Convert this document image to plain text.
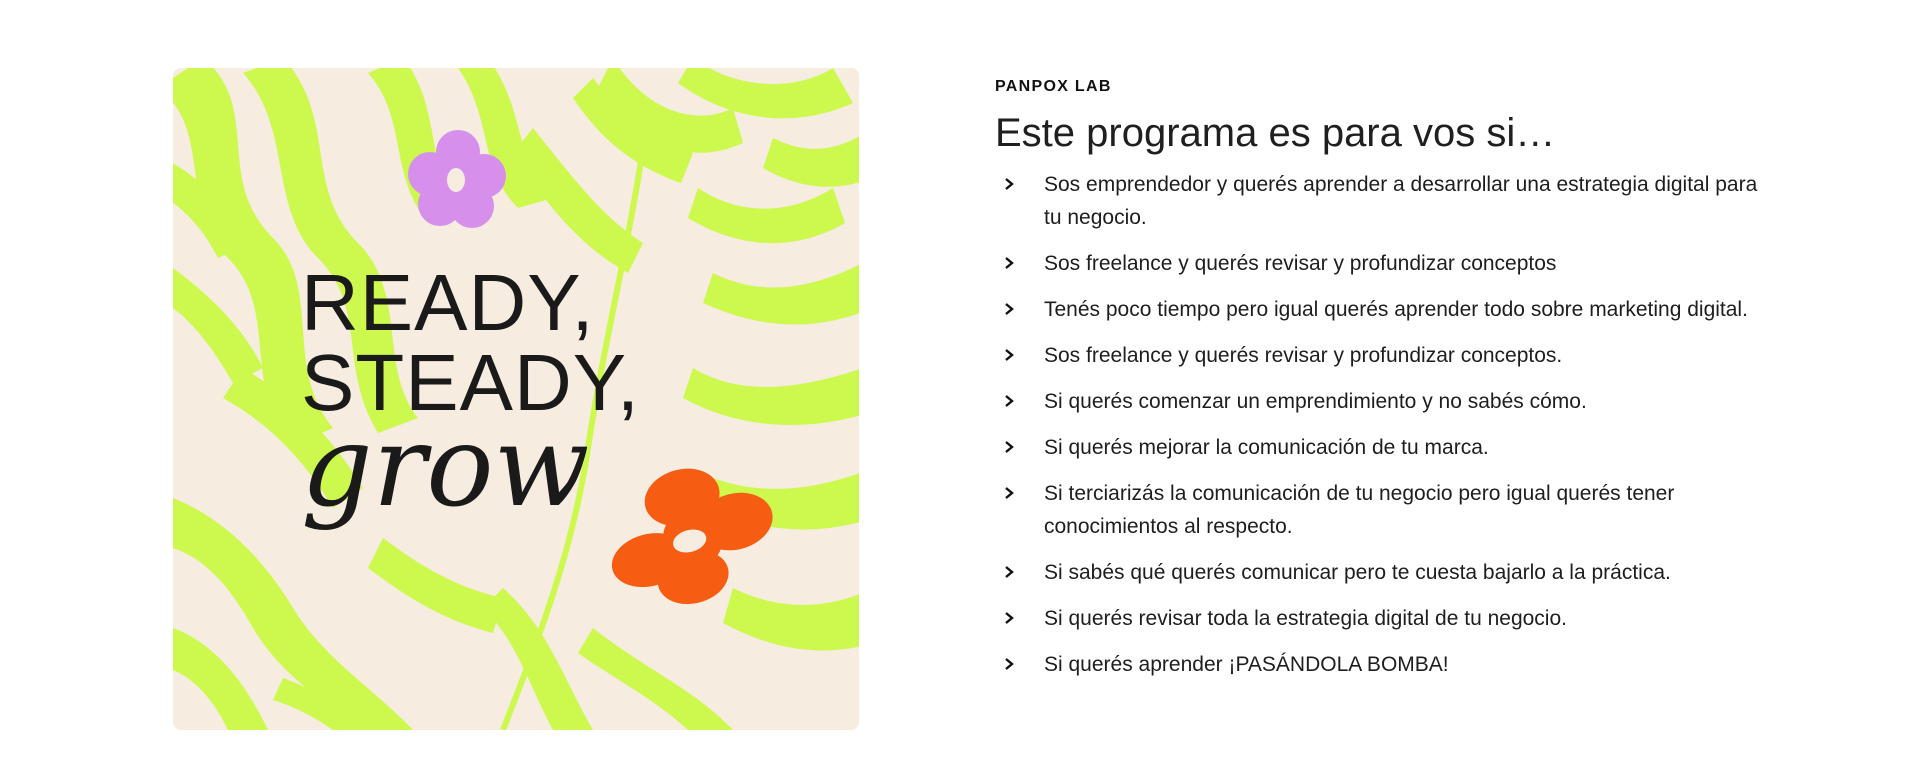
READY,
STEADY,
grow
PANPOX LAB
Este programa es para vos si…
Sos emprendedor y querés aprender a desarrollar una estrategia digital para tu negocio.
Sos freelance y querés revisar y profundizar conceptos
Tenés poco tiempo pero igual querés aprender todo sobre marketing digital.
Sos freelance y querés revisar y profundizar conceptos.
Si querés comenzar un emprendimiento y no sabés cómo.
Si querés mejorar la comunicación de tu marca.
Si terciarizás la comunicación de tu negocio pero igual querés tener conocimientos al respecto.
Si sabés qué querés comunicar pero te cuesta bajarlo a la práctica.
Si querés revisar toda la estrategia digital de tu negocio.
Si querés aprender ¡PASÁNDOLA BOMBA!
